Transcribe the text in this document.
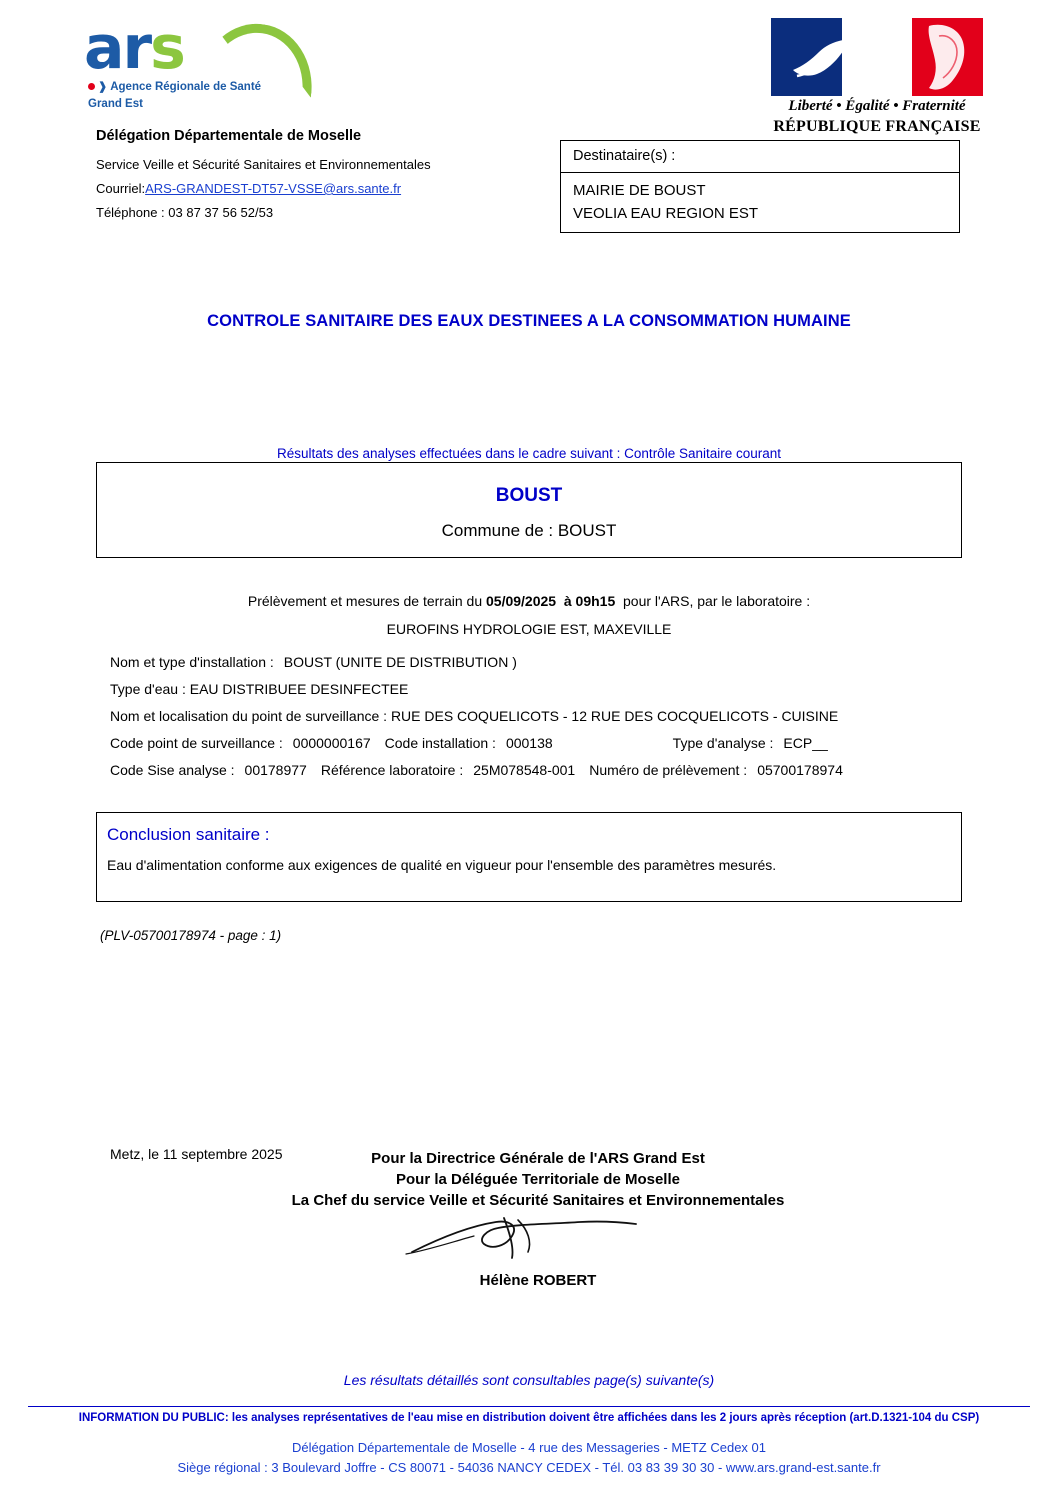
ars
❱ Agence Régionale de Santé
Grand Est	Liberté • Égalité • Fraternité
RÉPUBLIQUE FRANÇAISE
Délégation Départementale de Moselle
Service Veille et Sécurité Sanitaires et Environnementales
Courriel:ARS-GRANDEST-DT57-VSSE@ars.sante.fr
Téléphone : 03 87 37 56 52/53
Destinataire(s) :
MAIRIE DE BOUST
VEOLIA EAU REGION EST
CONTROLE SANITAIRE DES EAUX DESTINEES A LA CONSOMMATION HUMAINE
Résultats des analyses effectuées dans le cadre suivant : Contrôle Sanitaire courant
BOUST
Commune de : BOUST
Prélèvement et mesures de terrain du 05/09/2025 à 09h15 pour l'ARS, par le laboratoire :
EUROFINS HYDROLOGIE EST, MAXEVILLE
Nom et type d'installation : BOUST (UNITE DE DISTRIBUTION )
Type d'eau : EAU DISTRIBUEE DESINFECTEE
Nom et localisation du point de surveillance : RUE DES COQUELICOTS - 12 RUE DES COCQUELICOTS - CUISINE
Code point de surveillance : 0000000167 Code installation : 000138	Type d'analyse : ECP__
Code Sise analyse : 00178977 Référence laboratoire : 25M078548-001 Numéro de prélèvement : 05700178974
Conclusion sanitaire :
Eau d'alimentation conforme aux exigences de qualité en vigueur pour l'ensemble des paramètres mesurés.
(PLV-05700178974 - page : 1)
Metz, le 11 septembre 2025	Pour la Directrice Générale de l'ARS Grand Est
Pour la Déléguée Territoriale de Moselle
La Chef du service Veille et Sécurité Sanitaires et Environnementales
Hélène ROBERT
Les résultats détaillés sont consultables page(s) suivante(s)
INFORMATION DU PUBLIC: les analyses représentatives de l'eau mise en distribution doivent être affichées dans les 2 jours après réception (art.D.1321-104 du CSP)
Délégation Départementale de Moselle - 4 rue des Messageries - METZ Cedex 01
Siège régional : 3 Boulevard Joffre - CS 80071 - 54036 NANCY CEDEX - Tél. 03 83 39 30 30 - www.ars.grand-est.sante.fr
